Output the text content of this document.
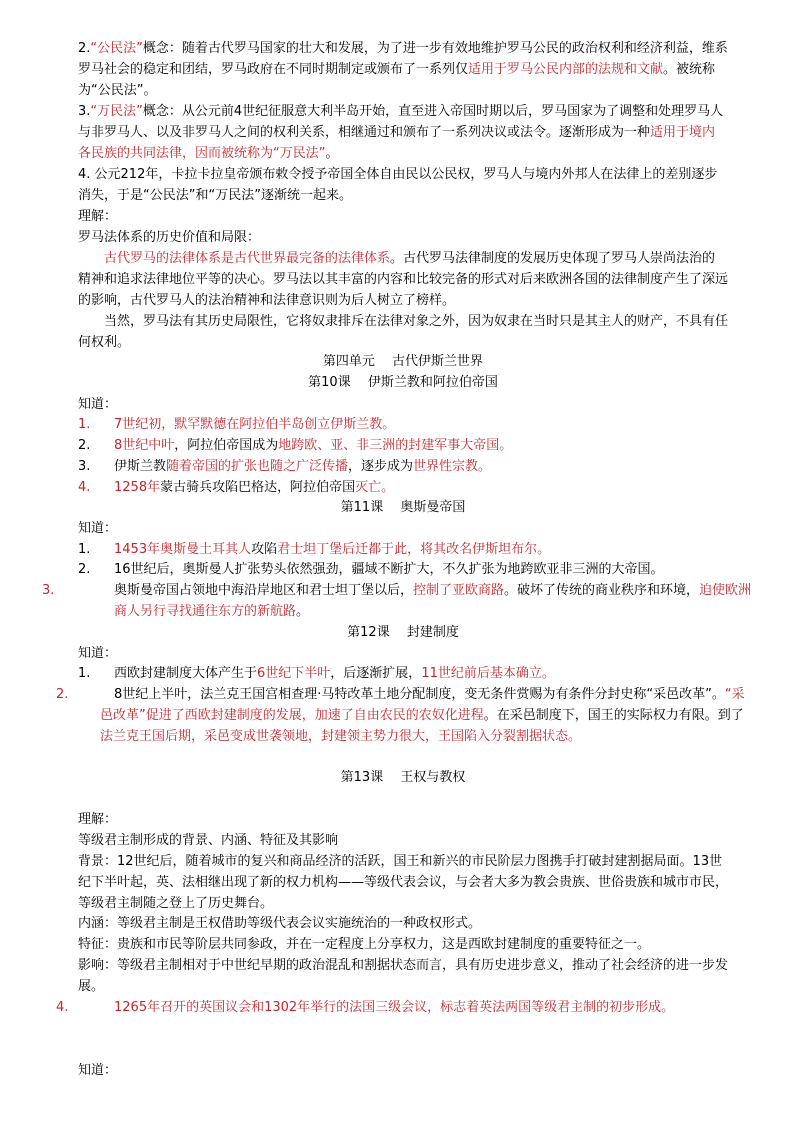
2.“公民法”概念：随着古代罗马国家的壮大和发展，为了进一步有效地维护罗马公民的政治权利和经济利益，维系罗马社会的稳定和团结，罗马政府在不同时期制定或颁布了一系列仅适用于罗马公民内部的法规和文献。被统称为“公民法”。

3.“万民法”概念：从公元前4世纪征服意大利半岛开始，直至进入帝国时期以后，罗马国家为了调整和处理罗马人与非罗马人、以及非罗马人之间的权利关系，相继通过和颁布了一系列决议或法令。逐渐形成为一种适用于境内各民族的共同法律，因而被统称为“万民法”。

4. 公元212年，卡拉卡拉皇帝颁布敕令授予帝国全体自由民以公民权，罗马人与境内外邦人在法律上的差别逐步消失，于是“公民法”和“万民法”逐渐统一起来。

理解：

罗马法体系的历史价值和局限：

古代罗马的法律体系是古代世界最完备的法律体系。古代罗马法律制度的发展历史体现了罗马人崇尚法治的精神和追求法律地位平等的决心。罗马法以其丰富的内容和比较完备的形式对后来欧洲各国的法律制度产生了深远的影响，古代罗马人的法治精神和法律意识则为后人树立了榜样。

当然，罗马法有其历史局限性，它将奴隶排斥在法律对象之外，因为奴隶在当时只是其主人的财产，不具有任何权利。

第四单元　 古代伊斯兰世界

第10课　 伊斯兰教和阿拉伯帝国

知道：

1. 7世纪初，默罕默德在阿拉伯半岛创立伊斯兰教。

2. 8世纪中叶，阿拉伯帝国成为地跨欧、亚、非三洲的封建军事大帝国。

3. 伊斯兰教随着帝国的扩张也随之广泛传播，逐步成为世界性宗教。

4. 1258年蒙古骑兵攻陷巴格达，阿拉伯帝国灭亡。

第11课　 奥斯曼帝国

知道：

1. 1453年奥斯曼土耳其人攻陷君士坦丁堡后迁都于此，将其改名伊斯坦布尔。

2. 16世纪后，奥斯曼人扩张势头依然强劲，疆域不断扩大，不久扩张为地跨欧亚非三洲的大帝国。

3.	奥斯曼帝国占领地中海沿岸地区和君士坦丁堡以后，控制了亚欧商路。破坏了传统的商业秩序和环境，迫使欧洲商人另行寻找通往东方的新航路。

第12课　 封建制度

知道：

1. 西欧封建制度大体产生于6世纪下半叶，后逐渐扩展，11世纪前后基本确立。

2.	8世纪上半叶，法兰克王国宫相查理·马特改革土地分配制度，变无条件赏赐为有条件分封史称“采邑改革”。“采邑改革”促进了西欧封建制度的发展，加速了自由农民的农奴化进程。在采邑制度下，国王的实际权力有限。到了法兰克王国后期，采邑变成世袭领地，封建领主势力很大，王国陷入分裂割据状态。

第13课　 王权与教权

理解：

等级君主制形成的背景、内涵、特征及其影响

背景：12世纪后，随着城市的复兴和商品经济的活跃，国王和新兴的市民阶层力图携手打破封建割据局面。13世纪下半叶起，英、法相继出现了新的权力机构——等级代表会议，与会者大多为教会贵族、世俗贵族和城市市民，等级君主制随之登上了历史舞台。

内涵：等级君主制是王权借助等级代表会议实施统治的一种政权形式。

特征：贵族和市民等阶层共同参政，并在一定程度上分享权力，这是西欧封建制度的重要特征之一。

影响：等级君主制相对于中世纪早期的政治混乱和割据状态而言，具有历史进步意义，推动了社会经济的进一步发展。

4.	1265年召开的英国议会和1302年举行的法国三级会议，标志着英法两国等级君主制的初步形成。

知道：
